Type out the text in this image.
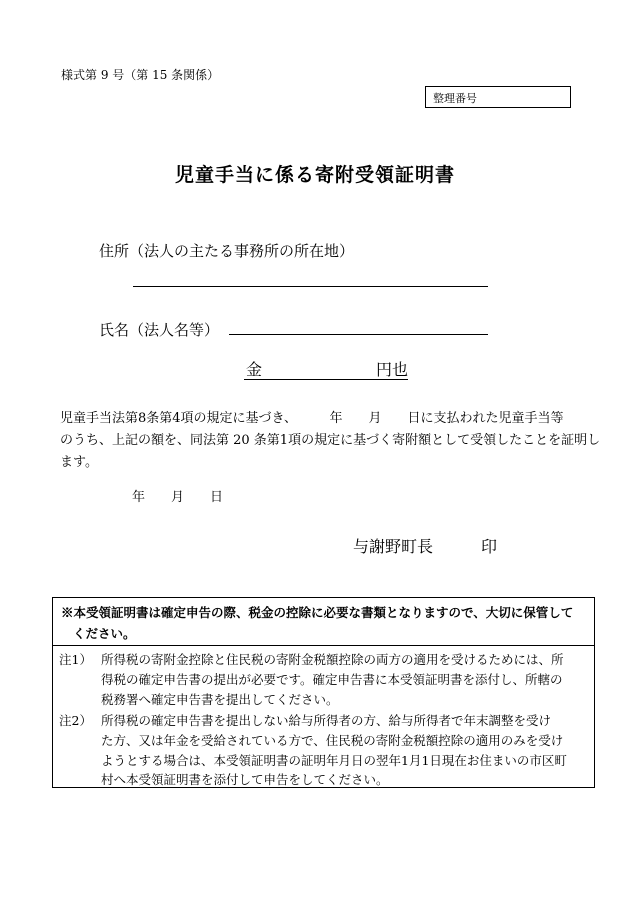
様式第 9 号（第 15 条関係）
整理番号
児童手当に係る寄附受領証明書
住所（法人の主たる事務所の所在地）
氏名（法人名等）
金	円也
児童手当法第8条第4項の規定に基づき、　　　年　　月　　日に支払われた児童手当等
のうち、上記の額を、同法第 20 条第1項の規定に基づく寄附額として受領したことを証明し
ます。
年　　月　　日
与謝野町長　　　印
※本受領証明書は確定申告の際、税金の控除に必要な書類となりますので、大切に保管して
ください。
注1） 所得税の寄附金控除と住民税の寄附金税額控除の両方の適用を受けるためには、所
得税の確定申告書の提出が必要です。確定申告書に本受領証明書を添付し、所轄の
税務署へ確定申告書を提出してください。
注2） 所得税の確定申告書を提出しない給与所得者の方、給与所得者で年末調整を受け
た方、又は年金を受給されている方で、住民税の寄附金税額控除の適用のみを受け
ようとする場合は、本受領証明書の証明年月日の翌年1月1日現在お住まいの市区町
村へ本受領証明書を添付して申告をしてください。
